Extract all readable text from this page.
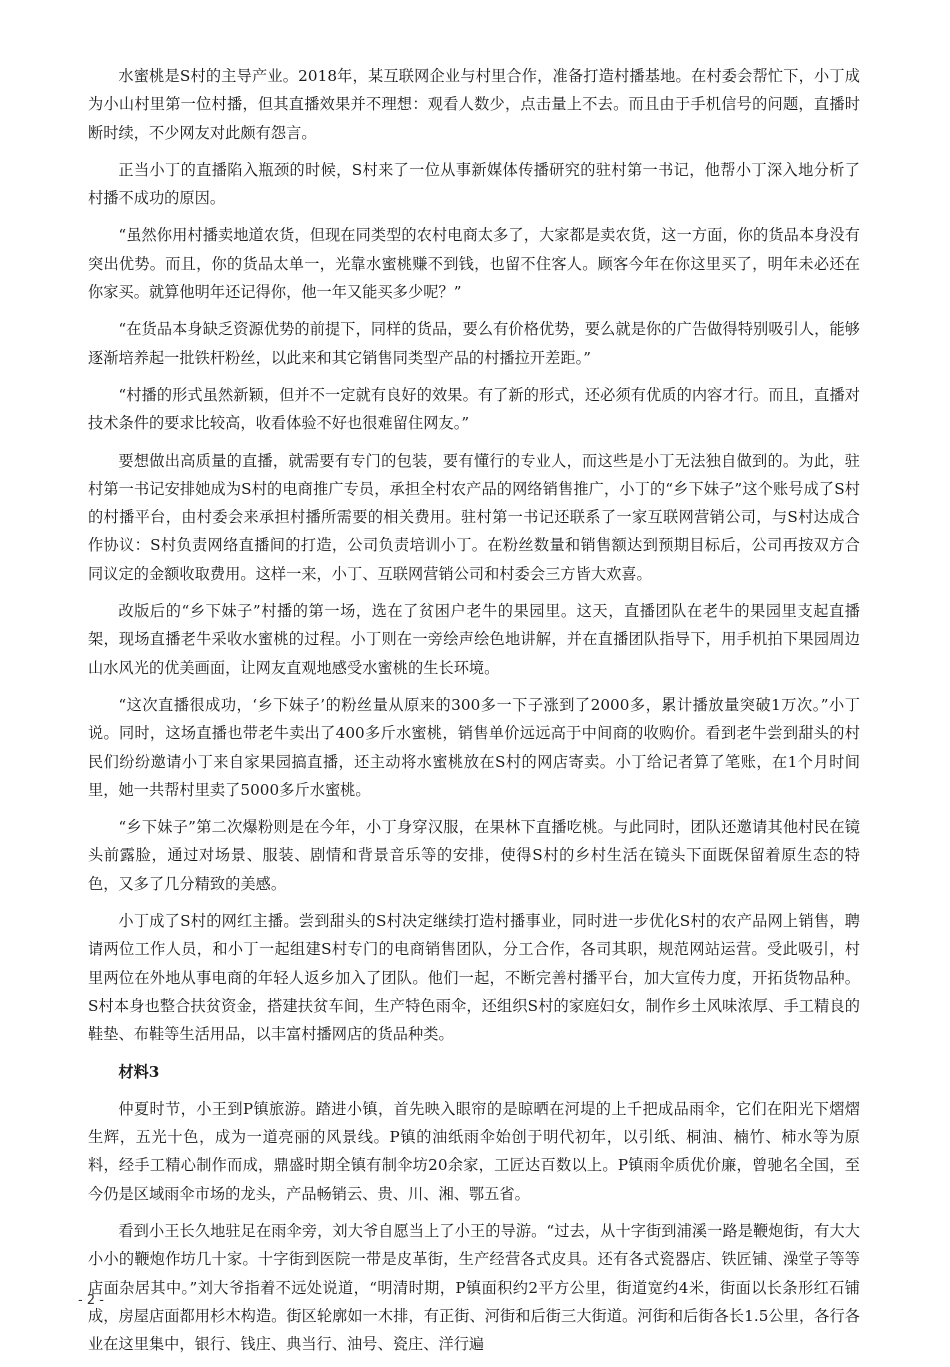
水蜜桃是S村的主导产业。2018年，某互联网企业与村里合作，准备打造村播基地。在村委会帮忙下，小丁成为小山村里第一位村播，但其直播效果并不理想：观看人数少，点击量上不去。而且由于手机信号的问题，直播时断时续，不少网友对此颇有怨言。

正当小丁的直播陷入瓶颈的时候，S村来了一位从事新媒体传播研究的驻村第一书记，他帮小丁深入地分析了村播不成功的原因。

“虽然你用村播卖地道农货，但现在同类型的农村电商太多了，大家都是卖农货，这一方面，你的货品本身没有突出优势。而且，你的货品太单一，光靠水蜜桃赚不到钱，也留不住客人。顾客今年在你这里买了，明年未必还在你家买。就算他明年还记得你，他一年又能买多少呢？”

“在货品本身缺乏资源优势的前提下，同样的货品，要么有价格优势，要么就是你的广告做得特别吸引人，能够逐渐培养起一批铁杆粉丝，以此来和其它销售同类型产品的村播拉开差距。”

“村播的形式虽然新颖，但并不一定就有良好的效果。有了新的形式，还必须有优质的内容才行。而且，直播对技术条件的要求比较高，收看体验不好也很难留住网友。”

要想做出高质量的直播，就需要有专门的包装，要有懂行的专业人，而这些是小丁无法独自做到的。为此，驻村第一书记安排她成为S村的电商推广专员，承担全村农产品的网络销售推广，小丁的“乡下妹子”这个账号成了S村的村播平台，由村委会来承担村播所需要的相关费用。驻村第一书记还联系了一家互联网营销公司，与S村达成合作协议：S村负责网络直播间的打造，公司负责培训小丁。在粉丝数量和销售额达到预期目标后，公司再按双方合同议定的金额收取费用。这样一来，小丁、互联网营销公司和村委会三方皆大欢喜。

改版后的“乡下妹子”村播的第一场，选在了贫困户老牛的果园里。这天，直播团队在老牛的果园里支起直播架，现场直播老牛采收水蜜桃的过程。小丁则在一旁绘声绘色地讲解，并在直播团队指导下，用手机拍下果园周边山水风光的优美画面，让网友直观地感受水蜜桃的生长环境。

“这次直播很成功，‘乡下妹子’的粉丝量从原来的300多一下子涨到了2000多，累计播放量突破1万次。”小丁说。同时，这场直播也带老牛卖出了400多斤水蜜桃，销售单价远远高于中间商的收购价。看到老牛尝到甜头的村民们纷纷邀请小丁来自家果园搞直播，还主动将水蜜桃放在S村的网店寄卖。小丁给记者算了笔账，在1个月时间里，她一共帮村里卖了5000多斤水蜜桃。

“乡下妹子”第二次爆粉则是在今年，小丁身穿汉服，在果林下直播吃桃。与此同时，团队还邀请其他村民在镜头前露脸，通过对场景、服装、剧情和背景音乐等的安排，使得S村的乡村生活在镜头下面既保留着原生态的特色，又多了几分精致的美感。

小丁成了S村的网红主播。尝到甜头的S村决定继续打造村播事业，同时进一步优化S村的农产品网上销售，聘请两位工作人员，和小丁一起组建S村专门的电商销售团队，分工合作，各司其职，规范网站运营。受此吸引，村里两位在外地从事电商的年轻人返乡加入了团队。他们一起，不断完善村播平台，加大宣传力度，开拓货物品种。S村本身也整合扶贫资金，搭建扶贫车间，生产特色雨伞，还组织S村的家庭妇女，制作乡土风味浓厚、手工精良的鞋垫、布鞋等生活用品，以丰富村播网店的货品种类。

材料3

仲夏时节，小王到P镇旅游。踏进小镇，首先映入眼帘的是晾晒在河堤的上千把成品雨伞，它们在阳光下熠熠生辉，五光十色，成为一道亮丽的风景线。P镇的油纸雨伞始创于明代初年，以引纸、桐油、楠竹、柿水等为原料，经手工精心制作而成，鼎盛时期全镇有制伞坊20余家，工匠达百数以上。P镇雨伞质优价廉，曾驰名全国，至今仍是区域雨伞市场的龙头，产品畅销云、贵、川、湘、鄂五省。

看到小王长久地驻足在雨伞旁，刘大爷自愿当上了小王的导游。“过去，从十字街到浦溪一路是鞭炮街，有大大小小的鞭炮作坊几十家。十字街到医院一带是皮革街，生产经营各式皮具。还有各式瓷器店、铁匠铺、澡堂子等等店面杂居其中。”刘大爷指着不远处说道，“明清时期，P镇面积约2平方公里，街道宽约4米，街面以长条形红石铺成，房屋店面都用杉木构造。街区轮廓如一木排，有正街、河街和后街三大街道。河街和后街各长1.5公里，各行各业在这里集中，银行、钱庄、典当行、油号、瓷庄、洋行遍

- 2 -
